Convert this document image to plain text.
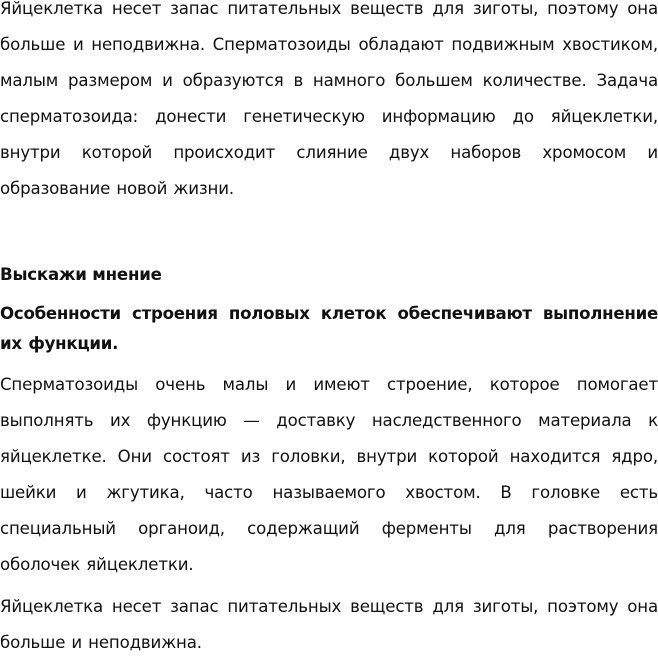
Яйцеклетка несет запас питательных веществ для зиготы, поэтому она больше и неподвижна. Сперматозоиды обладают подвижным хвостиком, малым размером и образуются в намного большем количестве. Задача сперматозоида: донести генетическую информацию до яйцеклетки, внутри которой происходит слияние двух наборов хромосом и образование новой жизни.

Выскажи мнение

Особенности строения половых клеток обеспечивают выполнение их функции.

Сперматозоиды очень малы и имеют строение, которое помогает выполнять их функцию — доставку наследственного материала к яйцеклетке. Они состоят из головки, внутри которой находится ядро, шейки и жгутика, часто называемого хвостом. В головке есть специальный органоид, содержащий ферменты для растворения оболочек яйцеклетки.

Яйцеклетка несет запас питательных веществ для зиготы, поэтому она больше и неподвижна.
